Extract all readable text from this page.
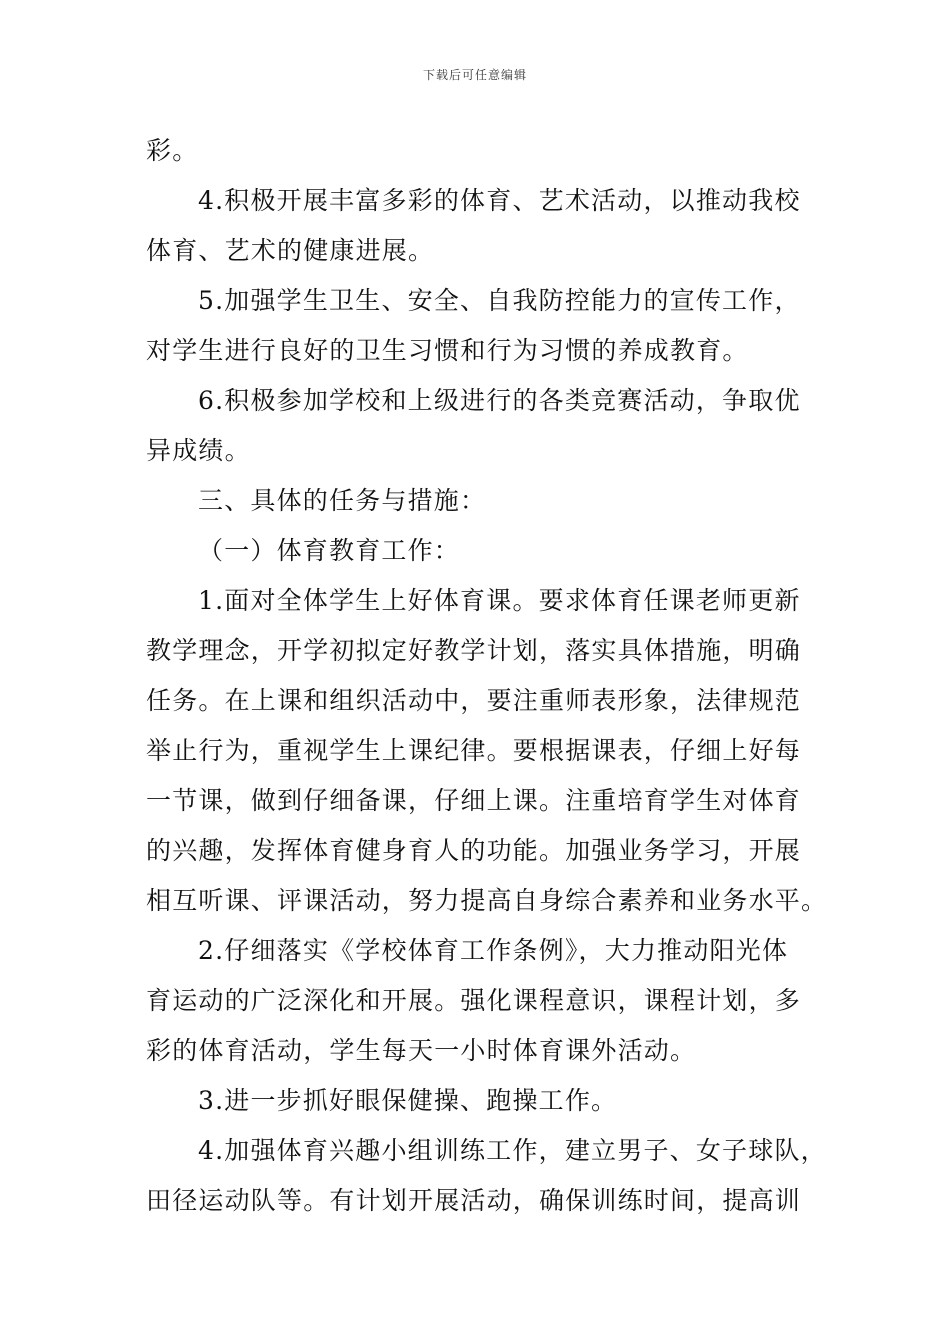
下载后可任意编辑
彩。
4.积极开展丰富多彩的体育、艺术活动，以推动我校
体育、艺术的健康进展。
5.加强学生卫生、安全、自我防控能力的宣传工作，
对学生进行良好的卫生习惯和行为习惯的养成教育。
6.积极参加学校和上级进行的各类竞赛活动，争取优
异成绩。
三、具体的任务与措施：
（一）体育教育工作：
1.面对全体学生上好体育课。要求体育任课老师更新
教学理念，开学初拟定好教学计划，落实具体措施，明确
任务。在上课和组织活动中，要注重师表形象，法律规范
举止行为，重视学生上课纪律。要根据课表，仔细上好每
一节课，做到仔细备课，仔细上课。注重培育学生对体育
的兴趣，发挥体育健身育人的功能。加强业务学习，开展
相互听课、评课活动，努力提高自身综合素养和业务水平。
2.仔细落实《学校体育工作条例》，大力推动阳光体
育运动的广泛深化和开展。强化课程意识，课程计划，多
彩的体育活动，学生每天一小时体育课外活动。
3.进一步抓好眼保健操、跑操工作。
4.加强体育兴趣小组训练工作，建立男子、女子球队，
田径运动队等。有计划开展活动，确保训练时间，提高训
